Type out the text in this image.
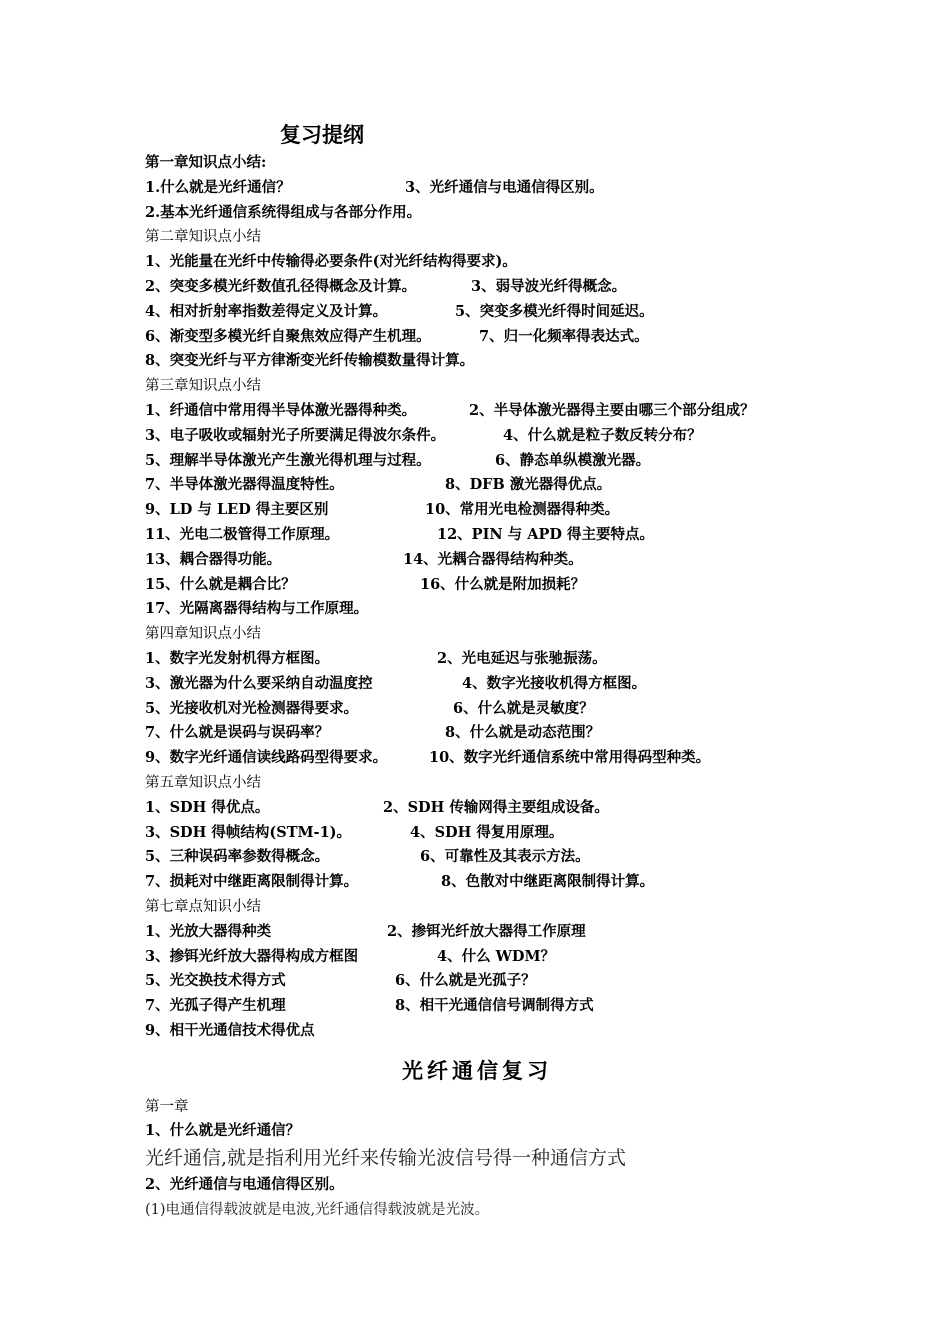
复习提纲
第一章知识点小结:
1.什么就是光纤通信？	3、光纤通信与电通信得区别。
2.基本光纤通信系统得组成与各部分作用。
第二章知识点小结
1、光能量在光纤中传输得必要条件(对光纤结构得要求)。
2、突变多模光纤数值孔径得概念及计算。	3、弱导波光纤得概念。
4、相对折射率指数差得定义及计算。	5、突变多模光纤得时间延迟。
6、渐变型多模光纤自聚焦效应得产生机理。	7、归一化频率得表达式。
8、突变光纤与平方律渐变光纤传输模数量得计算。
第三章知识点小结
1、纤通信中常用得半导体激光器得种类。	2、半导体激光器得主要由哪三个部分组成？
3、电子吸收或辐射光子所要满足得波尔条件。	4、什么就是粒子数反转分布？
5、理解半导体激光产生激光得机理与过程。	6、静态单纵模激光器。
7、半导体激光器得温度特性。	8、DFB 激光器得优点。
9、LD 与 LED 得主要区别	10、常用光电检测器得种类。
11、光电二极管得工作原理。	12、PIN 与 APD 得主要特点。
13、耦合器得功能。	14、光耦合器得结构种类。
15、什么就是耦合比？	16、什么就是附加损耗？
17、光隔离器得结构与工作原理。
第四章知识点小结
1、数字光发射机得方框图。	2、光电延迟与张驰振荡。
3、激光器为什么要采纳自动温度控	4、数字光接收机得方框图。
5、光接收机对光检测器得要求。	6、什么就是灵敏度？
7、什么就是误码与误码率？	8、什么就是动态范围？
9、数字光纤通信读线路码型得要求。	10、数字光纤通信系统中常用得码型种类。
第五章知识点小结
1、SDH 得优点。	2、SDH 传输网得主要组成设备。
3、SDH 得帧结构(STM-1)。	4、SDH 得复用原理。
5、三种误码率参数得概念。	6、可靠性及其表示方法。
7、损耗对中继距离限制得计算。	8、色散对中继距离限制得计算。
第七章点知识小结
1、光放大器得种类	2、掺铒光纤放大器得工作原理
3、掺铒光纤放大器得构成方框图	4、什么 WDM？
5、光交换技术得方式	6、什么就是光孤子？
7、光孤子得产生机理	8、相干光通信信号调制得方式
9、相干光通信技术得优点
光纤通信复习
第一章
1、什么就是光纤通信？
光纤通信,就是指利用光纤来传输光波信号得一种通信方式
2、光纤通信与电通信得区别。
(1)电通信得载波就是电波,光纤通信得载波就是光波。
